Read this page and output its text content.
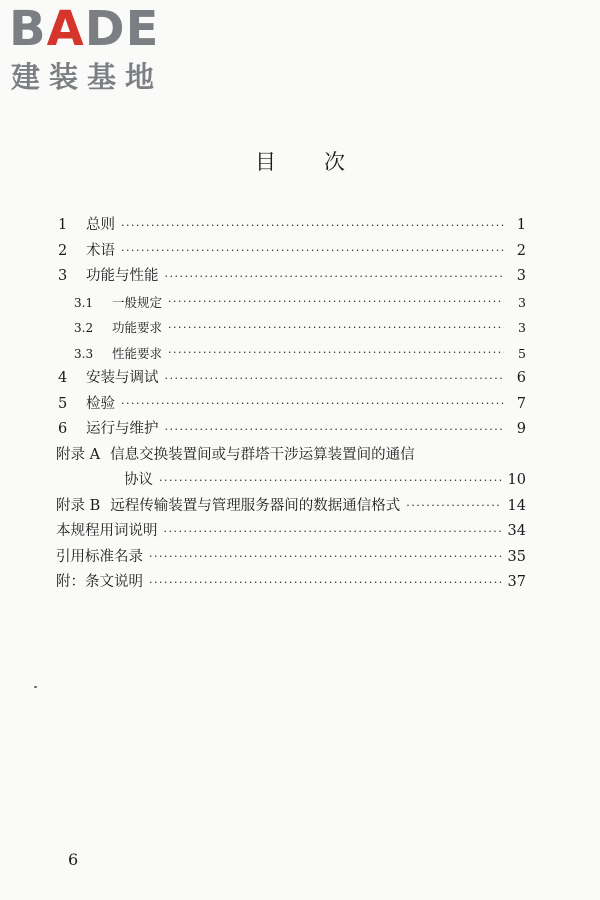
BADE
建装基地
目次
1	总则 ·····	1
2	术语 ·····	2
3	功能与性能 ·····	3
3.1	一般规定 ·····	3
3.2	功能要求 ·····	3
3.3	性能要求 ·····	5
4	安装与调试 ·····	6
5	检验 ·····	7
6	运行与维护 ·····	9
附录 A 信息交换装置间或与群塔干涉运算装置间的通信
协议 ·····	10
附录 B 远程传输装置与管理服务器间的数据通信格式 ·····	14
本规程用词说明 ·····	34
引用标准名录 ·····	35
附：条文说明 ·····	37
6
